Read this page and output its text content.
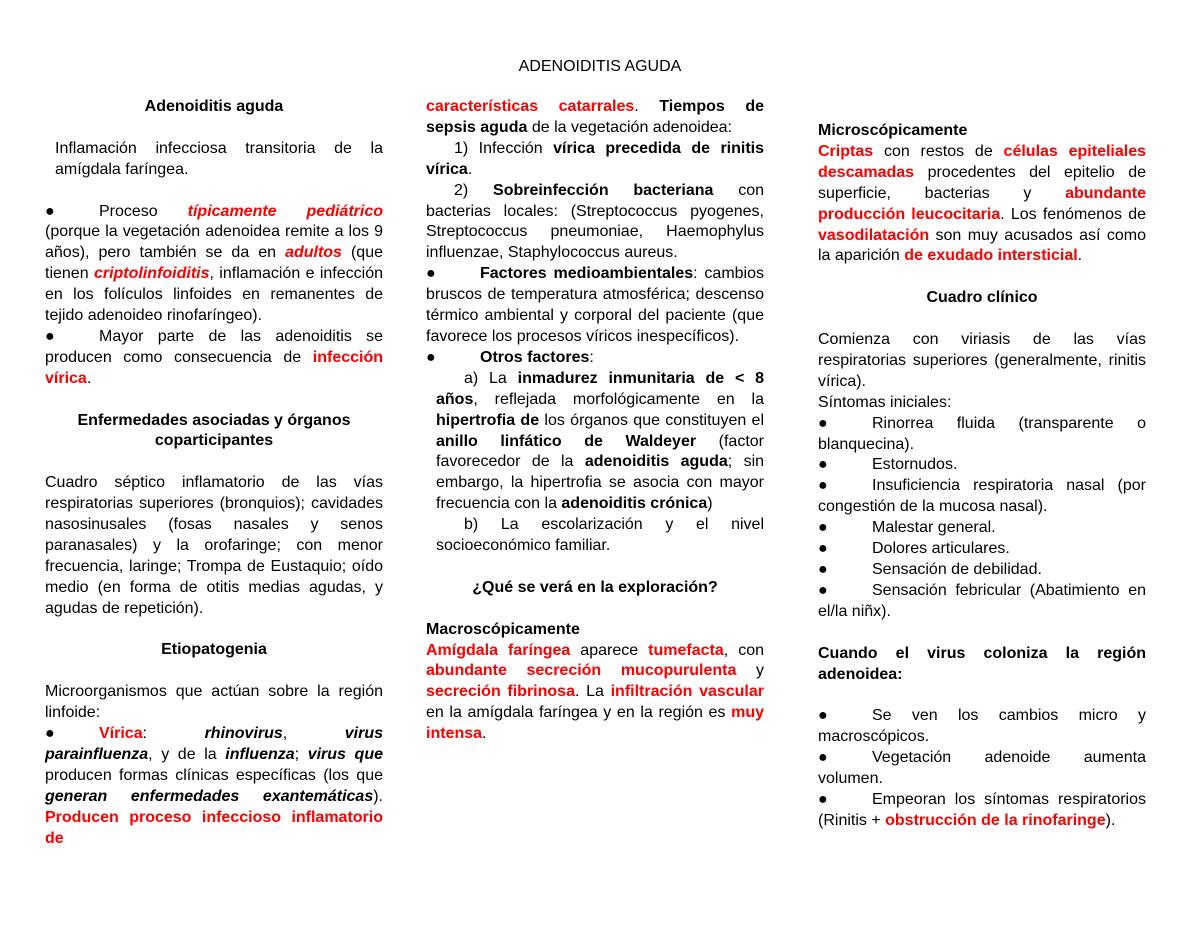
ADENOIDITIS AGUDA
Adenoiditis aguda
Inflamación infecciosa transitoria de la amígdala faríngea.
●	Proceso típicamente pediátrico (porque la vegetación adenoidea remite a los 9 años), pero también se da en adultos (que tienen criptolinfoiditis, inflamación e infección en los folículos linfoides en remanentes de tejido adenoideo rinofaríngeo).
●	Mayor parte de las adenoiditis se producen como consecuencia de infección vírica.
Enfermedades asociadas y órganos coparticipantes
Cuadro séptico inflamatorio de las vías respiratorias superiores (bronquios); cavidades nasosinusales (fosas nasales y senos paranasales) y la orofaringe; con menor frecuencia, laringe; Trompa de Eustaquio; oído medio (en forma de otitis medias agudas, y agudas de repetición).
Etiopatogenia
Microorganismos que actúan sobre la región linfoide:
●	Vírica: rhinovirus, virus parainfluenza, y de la influenza; virus que producen formas clínicas específicas (los que generan enfermedades exantemáticas). Producen proceso infeccioso inflamatorio de
características catarrales. Tiempos de sepsis aguda de la vegetación adenoidea:
1) Infección vírica precedida de rinitis vírica.
2) Sobreinfección bacteriana con bacterias locales: (Streptococcus pyogenes, Streptococcus pneumoniae, Haemophylus influenzae, Staphylococcus aureus.
●	Factores medioambientales: cambios bruscos de temperatura atmosférica; descenso térmico ambiental y corporal del paciente (que favorece los procesos víricos inespecíficos).
●	Otros factores:
a) La inmadurez inmunitaria de < 8 años, reflejada morfológicamente en la hipertrofia de los órganos que constituyen el anillo linfático de Waldeyer (factor favorecedor de la adenoiditis aguda; sin embargo, la hipertrofia se asocia con mayor frecuencia con la adenoiditis crónica)
b) La escolarización y el nivel socioeconómico familiar.
¿Qué se verá en la exploración?
Macroscópicamente
Amígdala faríngea aparece tumefacta, con abundante secreción mucopurulenta y secreción fibrinosa. La infiltración vascular en la amígdala faríngea y en la región es muy intensa.
Microscópicamente
Criptas con restos de células epiteliales descamadas procedentes del epitelio de superficie, bacterias y abundante producción leucocitaria. Los fenómenos de vasodilatación son muy acusados así como la aparición de exudado intersticial.
Cuadro clínico
Comienza con viriasis de las vías respiratorias superiores (generalmente, rinitis vírica).
Síntomas iniciales:
●	Rinorrea fluida (transparente o blanquecina).
●	Estornudos.
●	Insuficiencia respiratoria nasal (por congestión de la mucosa nasal).
●	Malestar general.
●	Dolores articulares.
●	Sensación de debilidad.
●	Sensación febricular (Abatimiento en el/la niñx).
Cuando el virus coloniza la región adenoidea:
●	Se ven los cambios micro y macroscópicos.
●	Vegetación adenoide aumenta volumen.
●	Empeoran los síntomas respiratorios (Rinitis + obstrucción de la rinofaringe).
